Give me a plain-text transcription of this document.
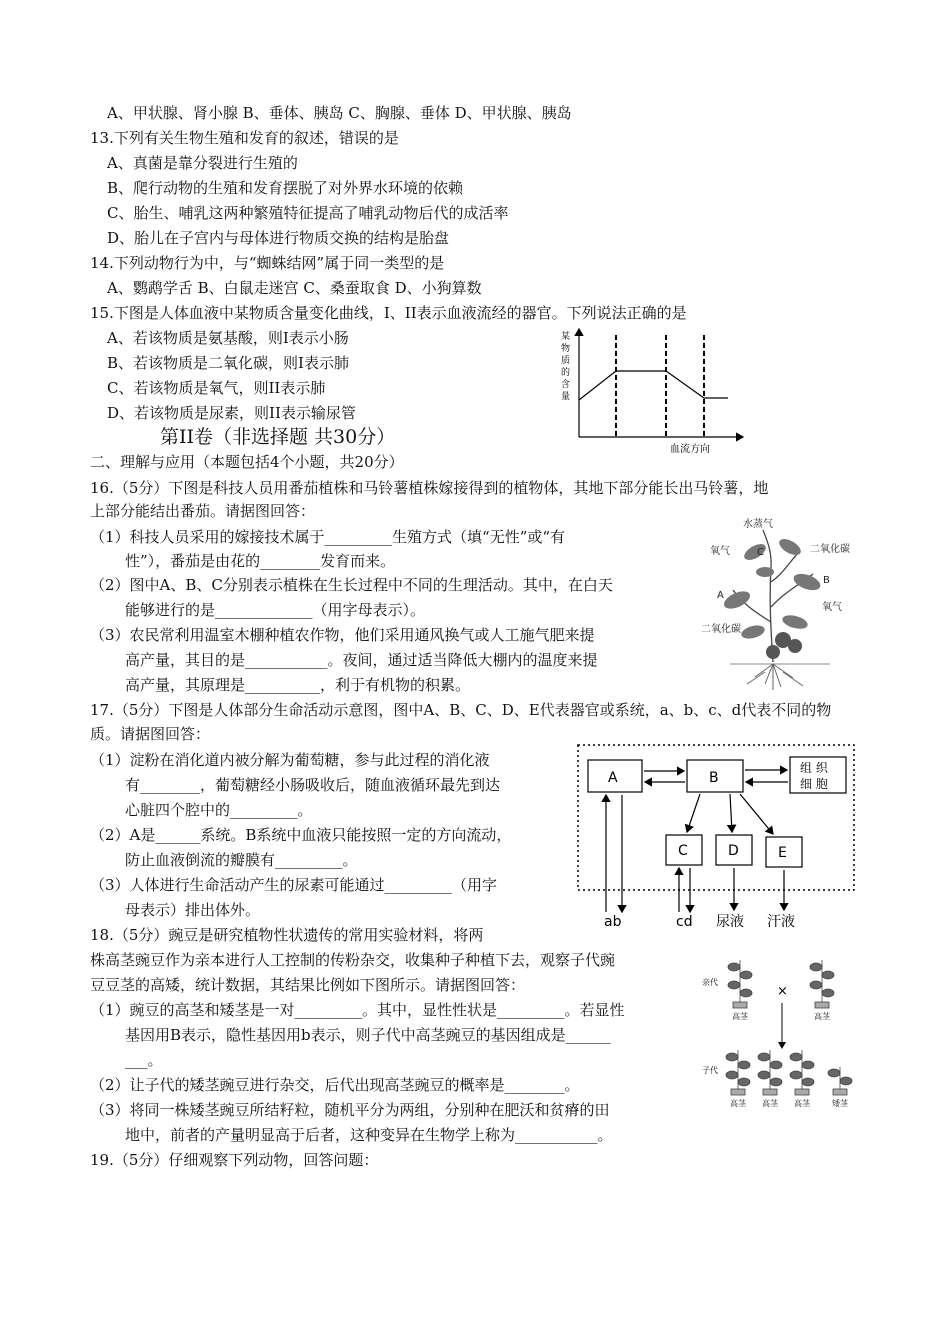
A、甲状腺、肾小腺 B、垂体、胰岛 C、胸腺、垂体 D、甲状腺、胰岛
13.下列有关生物生殖和发育的叙述，错误的是
A、真菌是靠分裂进行生殖的
B、爬行动物的生殖和发育摆脱了对外界水环境的依赖
C、胎生、哺乳这两种繁殖特征提高了哺乳动物后代的成活率
D、胎儿在子宫内与母体进行物质交换的结构是胎盘
14.下列动物行为中，与“蜘蛛结网”属于同一类型的是
A、鹦鹉学舌 B、白鼠走迷宫 C、桑蚕取食 D、小狗算数
15.下图是人体血液中某物质含量变化曲线，I、II表示血液流经的器官。下列说法正确的是
A、若该物质是氨基酸，则I表示小肠
B、若该物质是二氧化碳，则I表示肺
C、若该物质是氧气，则II表示肺
D、若该物质是尿素，则II表示输尿管
某
物
质
的
含
量
血流方向
第II卷（非选择题 共30分）
二、理解与应用（本题包括4个小题，共20分）
16.（5分）下图是科技人员用番茄植株和马铃薯植株嫁接得到的植物体，其地下部分能长出马铃薯，地
上部分能结出番茄。请据图回答：
（1）科技人员采用的嫁接技术属于_________生殖方式（填“无性”或“有
性”），番茄是由花的________发育而来。
（2）图中A、B、C分别表示植株在生长过程中不同的生理活动。其中，在白天
能够进行的是_____________（用字母表示）。
（3）农民常利用温室木棚种植农作物，他们采用通风换气或人工施气肥来提
高产量，其目的是___________。夜间，通过适当降低大棚内的温度来提
高产量，其原理是__________，利于有机物的积累。
水蒸气
氧气	C	二氧化碳
A
B
氧气
二氧化碳
17.（5分）下图是人体部分生命活动示意图，图中A、B、C、D、E代表器官或系统，a、b、c、d代表不同的物
质。请据图回答：
（1）淀粉在消化道内被分解为葡萄糖，参与此过程的消化液
有________，葡萄糖经小肠吸收后，随血液循环最先到达
心脏四个腔中的_________。
（2）A是______系统。B系统中血液只能按照一定的方向流动，
防止血液倒流的瓣膜有_________。
（3）人体进行生命活动产生的尿素可能通过_________（用字
母表示）排出体外。
A	B
组 织
细 胞
C	D	E
ab	cd 尿液 汗液
18.（5分）豌豆是研究植物性状遗传的常用实验材料，将两
株高茎豌豆作为亲本进行人工控制的传粉杂交，收集种子种植下去，观察子代豌
豆豆茎的高矮，统计数据，其结果比例如下图所示。请据图回答：
（1）豌豆的高茎和矮茎是一对_________。其中，显性性状是_________。若显性
基因用B表示，隐性基因用b表示，则子代中高茎豌豆的基因组成是______
___。
（2）让子代的矮茎豌豆进行杂交，后代出现高茎豌豆的概率是________。
（3）将同一株矮茎豌豆所结籽粒，随机平分为两组，分别种在肥沃和贫瘠的田
地中，前者的产量明显高于后者，这种变异在生物学上称为___________。
亲代
×
子代
高茎	高茎
高茎 高茎 高茎	矮茎
19.（5分）仔细观察下列动物，回答问题：
